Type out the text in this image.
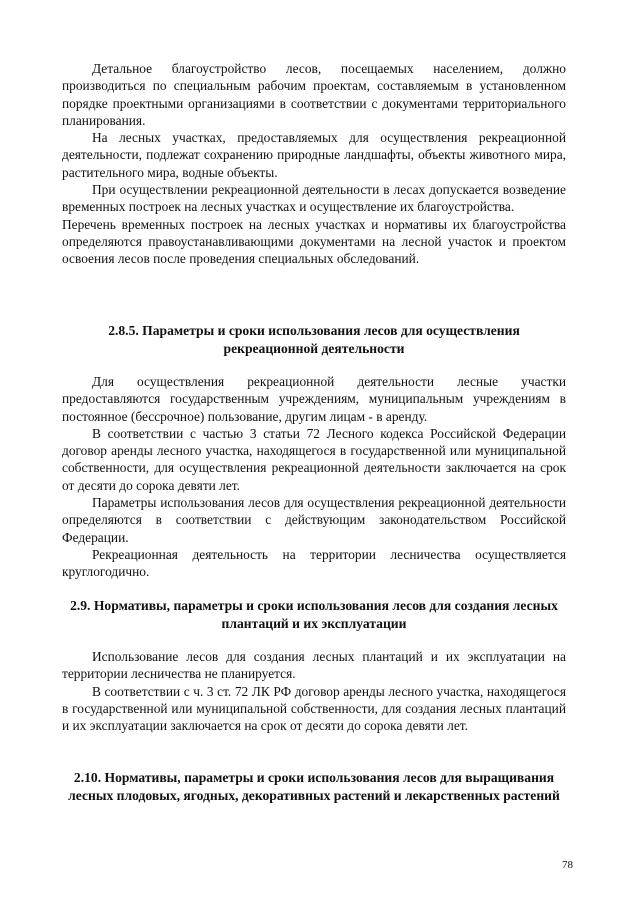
Детальное благоустройство лесов, посещаемых населением, должно производиться по специальным рабочим проектам, составляемым в установленном порядке проектными организациями в соответствии с документами территориального планирования.

На лесных участках, предоставляемых для осуществления рекреационной деятельности, подлежат сохранению природные ландшафты, объекты животного мира, растительного мира, водные объекты.

При осуществлении рекреационной деятельности в лесах допускается возведение временных построек на лесных участках и осуществление их благоустройства.

Перечень временных построек на лесных участках и нормативы их благоустройства определяются правоустанавливающими документами на лесной участок и проектом освоения лесов после проведения специальных обследований.

2.8.5. Параметры и сроки использования лесов для осуществления рекреационной деятельности

Для осуществления рекреационной деятельности лесные участки предоставляются государственным учреждениям, муниципальным учреждениям в постоянное (бессрочное) пользование, другим лицам - в аренду.

В соответствии с частью 3 статьи 72 Лесного кодекса Российской Федерации договор аренды лесного участка, находящегося в государственной или муниципальной собственности, для осуществления рекреационной деятельности заключается на срок от десяти до сорока девяти лет.

Параметры использования лесов для осуществления рекреационной деятельности определяются в соответствии с действующим законодательством Российской Федерации.

Рекреационная деятельность на территории лесничества осуществляется круглогодично.

2.9. Нормативы, параметры и сроки использования лесов для создания лесных плантаций и их эксплуатации

Использование лесов для создания лесных плантаций и их эксплуатации на территории лесничества не планируется.

В соответствии с ч. 3 ст. 72 ЛК РФ договор аренды лесного участка, находящегося в государственной или муниципальной собственности, для создания лесных плантаций и их эксплуатации заключается на срок от десяти до сорока девяти лет.

2.10. Нормативы, параметры и сроки использования лесов для выращивания лесных плодовых, ягодных, декоративных растений и лекарственных растений
78
